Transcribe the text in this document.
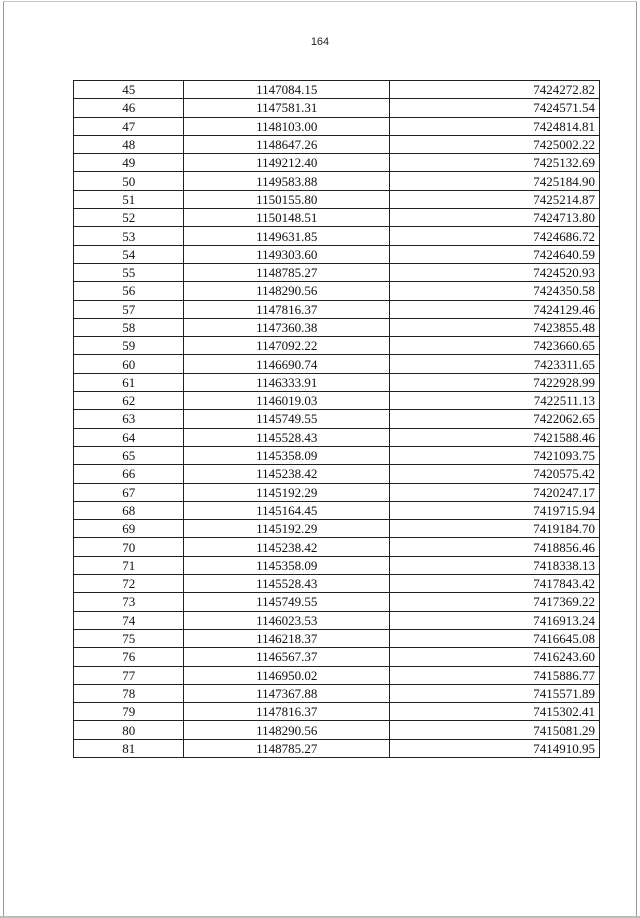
164
45	1147084.15	7424272.82
46	1147581.31	7424571.54
47	1148103.00	7424814.81
48	1148647.26	7425002.22
49	1149212.40	7425132.69
50	1149583.88	7425184.90
51	1150155.80	7425214.87
52	1150148.51	7424713.80
53	1149631.85	7424686.72
54	1149303.60	7424640.59
55	1148785.27	7424520.93
56	1148290.56	7424350.58
57	1147816.37	7424129.46
58	1147360.38	7423855.48
59	1147092.22	7423660.65
60	1146690.74	7423311.65
61	1146333.91	7422928.99
62	1146019.03	7422511.13
63	1145749.55	7422062.65
64	1145528.43	7421588.46
65	1145358.09	7421093.75
66	1145238.42	7420575.42
67	1145192.29	7420247.17
68	1145164.45	7419715.94
69	1145192.29	7419184.70
70	1145238.42	7418856.46
71	1145358.09	7418338.13
72	1145528.43	7417843.42
73	1145749.55	7417369.22
74	1146023.53	7416913.24
75	1146218.37	7416645.08
76	1146567.37	7416243.60
77	1146950.02	7415886.77
78	1147367.88	7415571.89
79	1147816.37	7415302.41
80	1148290.56	7415081.29
81	1148785.27	7414910.95
